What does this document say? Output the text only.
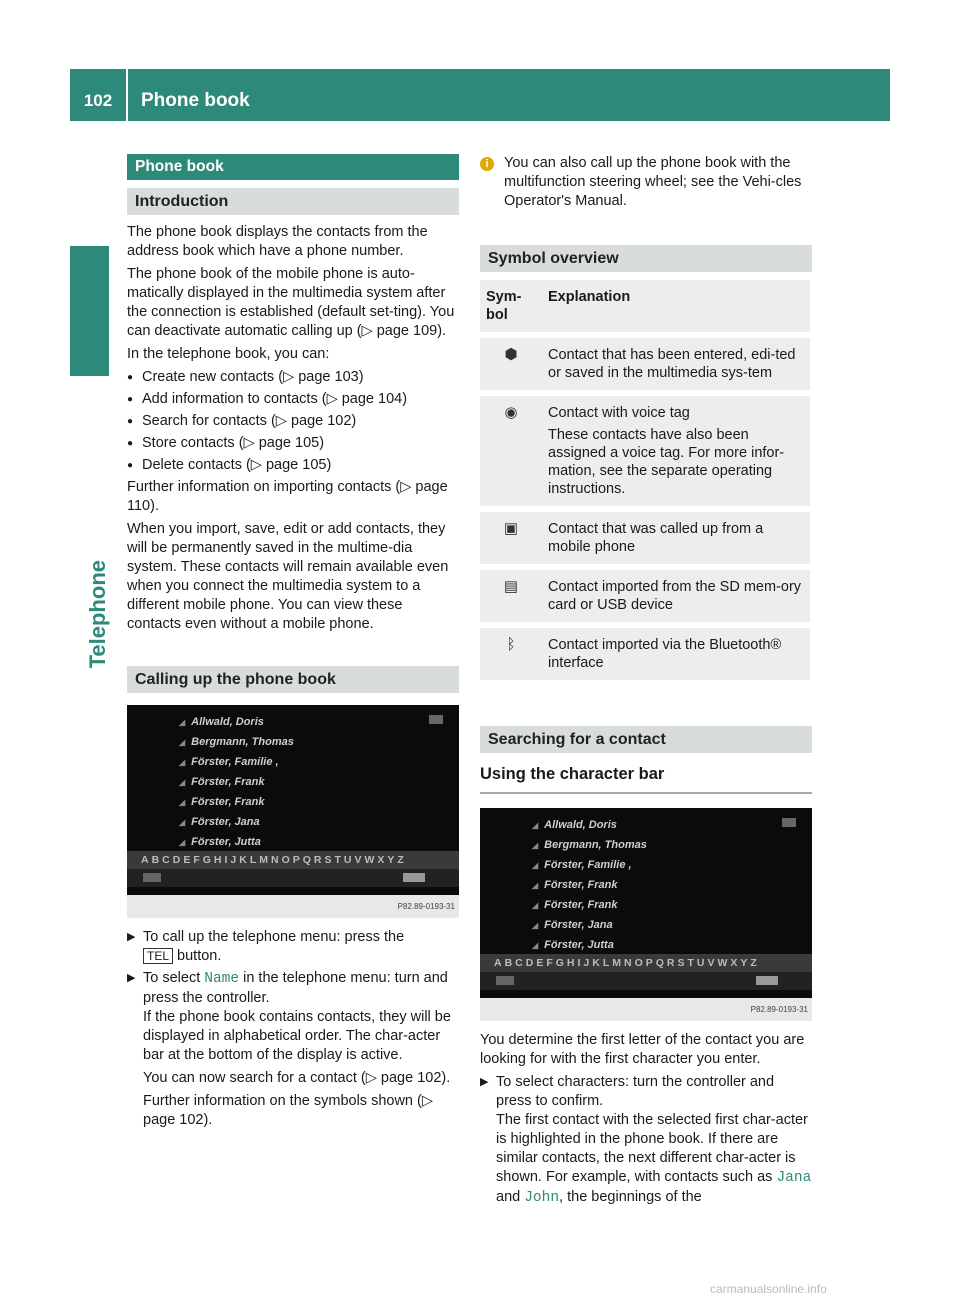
102	Phone book
Telephone
Phone book
Introduction

The phone book displays the contacts from the address book which have a phone number.

The phone book of the mobile phone is auto-matically displayed in the multimedia system after the connection is established (default set-ting). You can deactivate automatic calling up (▷ page 109).

In the telephone book, you can:

● Create new contacts (▷ page 103)
● Add information to contacts (▷ page 104)
● Search for contacts (▷ page 102)
● Store contacts (▷ page 105)
● Delete contacts (▷ page 105)

Further information on importing contacts (▷ page 110).

When you import, save, edit or add contacts, they will be permanently saved in the multime-dia system. These contacts will remain available even when you connect the multimedia system to a different mobile phone. You can view these contacts even without a mobile phone.

Calling up the phone book
◢ Allwald, Doris
◢ Bergmann, Thomas
◢ Förster, Familie ,
◢ Förster, Frank
◢ Förster, Frank
◢ Förster, Jana
◢ Förster, Jutta
ABCDEFGHIJKLMNOPQRSTUVWXYZ
P82.89-0193-31
▶ To call up the telephone menu: press the
TEL button.
▶ To select Name in the telephone menu: turn and press the controller.
If the phone book contains contacts, they will be displayed in alphabetical order. The char-acter bar at the bottom of the display is active.
You can now search for a contact (▷ page 102).
Further information on the symbols shown (▷ page 102).
i	You can also call up the phone book with the multifunction steering wheel; see the Vehi-cles Operator's Manual.
Symbol overview
Sym-bol	Explanation
⬢	Contact that has been entered, edi-ted or saved in the multimedia sys-tem
◉	Contact with voice tag

These contacts have also been assigned a voice tag. For more infor-mation, see the separate operating instructions.

▣	Contact that was called up from a mobile phone
▤	Contact imported from the SD mem-ory card or USB device
ᛒ	Contact imported via the Bluetooth® interface
Searching for a contact
Using the character bar
◢ Allwald, Doris
◢ Bergmann, Thomas
◢ Förster, Familie ,
◢ Förster, Frank
◢ Förster, Frank
◢ Förster, Jana
◢ Förster, Jutta
ABCDEFGHIJKLMNOPQRSTUVWXYZ
P82.89-0193-31

You determine the first letter of the contact you are looking for with the first character you enter.

▶ To select characters: turn the controller and press to confirm.
The first contact with the selected first char-acter is highlighted in the phone book. If there are similar contacts, the next different char-acter is shown. For example, with contacts such as Jana and John, the beginnings of the
carmanualsonline.info
